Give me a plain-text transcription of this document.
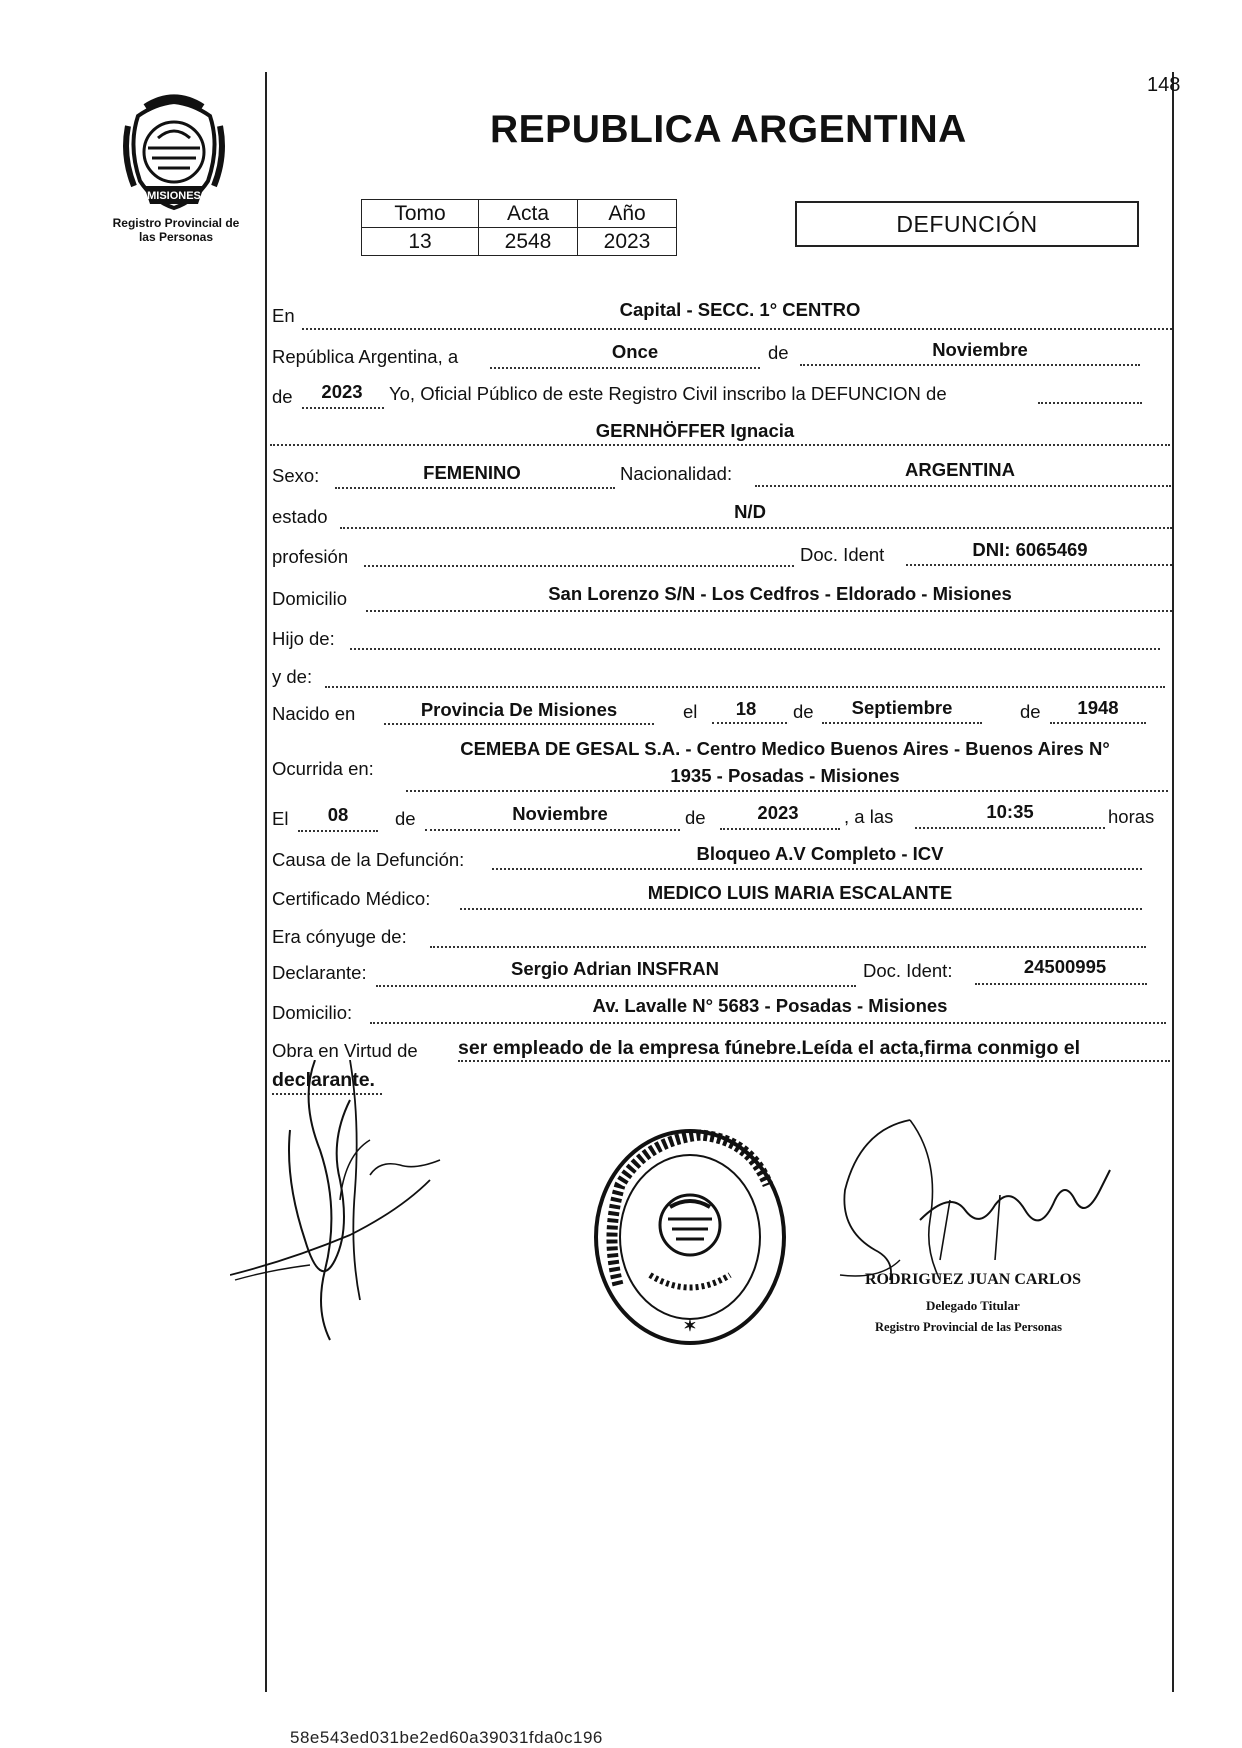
148
MISIONES
Registro Provincial de
las Personas
REPUBLICA ARGENTINA
Tomo	Acta	Año
13	2548	2023
DEFUNCIÓN
En	Capital - SECC. 1° CENTRO
República Argentina, a	Once	de	Noviembre
de	2023	Yo, Oficial Público de este Registro Civil inscribo la DEFUNCION de
GERNHÖFFER Ignacia
Sexo:	FEMENINO	Nacionalidad:	ARGENTINA
estado	N/D
profesión	Doc. Ident	DNI: 6065469
Domicilio	San Lorenzo S/N - Los Cedfros - Eldorado - Misiones
Hijo de:
y de:
Nacido en	Provincia De Misiones	el	18	de	Septiembre	de	1948
Ocurrida en:
CEMEBA DE GESAL S.A. - Centro Medico Buenos Aires - Buenos Aires N°
1935 - Posadas - Misiones
El	08	de	Noviembre	de	2023	, a las	10:35	horas
Causa de la Defunción:	Bloqueo A.V Completo - ICV
Certificado Médico:	MEDICO LUIS MARIA ESCALANTE
Era cónyuge de:
Declarante:	Sergio Adrian INSFRAN	Doc. Ident:	24500995
Domicilio:	Av. Lavalle N° 5683 - Posadas - Misiones
Obra en Virtud de ser empleado de la empresa fúnebre.Leída el acta,firma conmigo el
declarante.
✶
RODRIGUEZ JUAN CARLOS
Delegado Titular
Registro Provincial de las Personas
58e543ed031be2ed60a39031fda0c196
